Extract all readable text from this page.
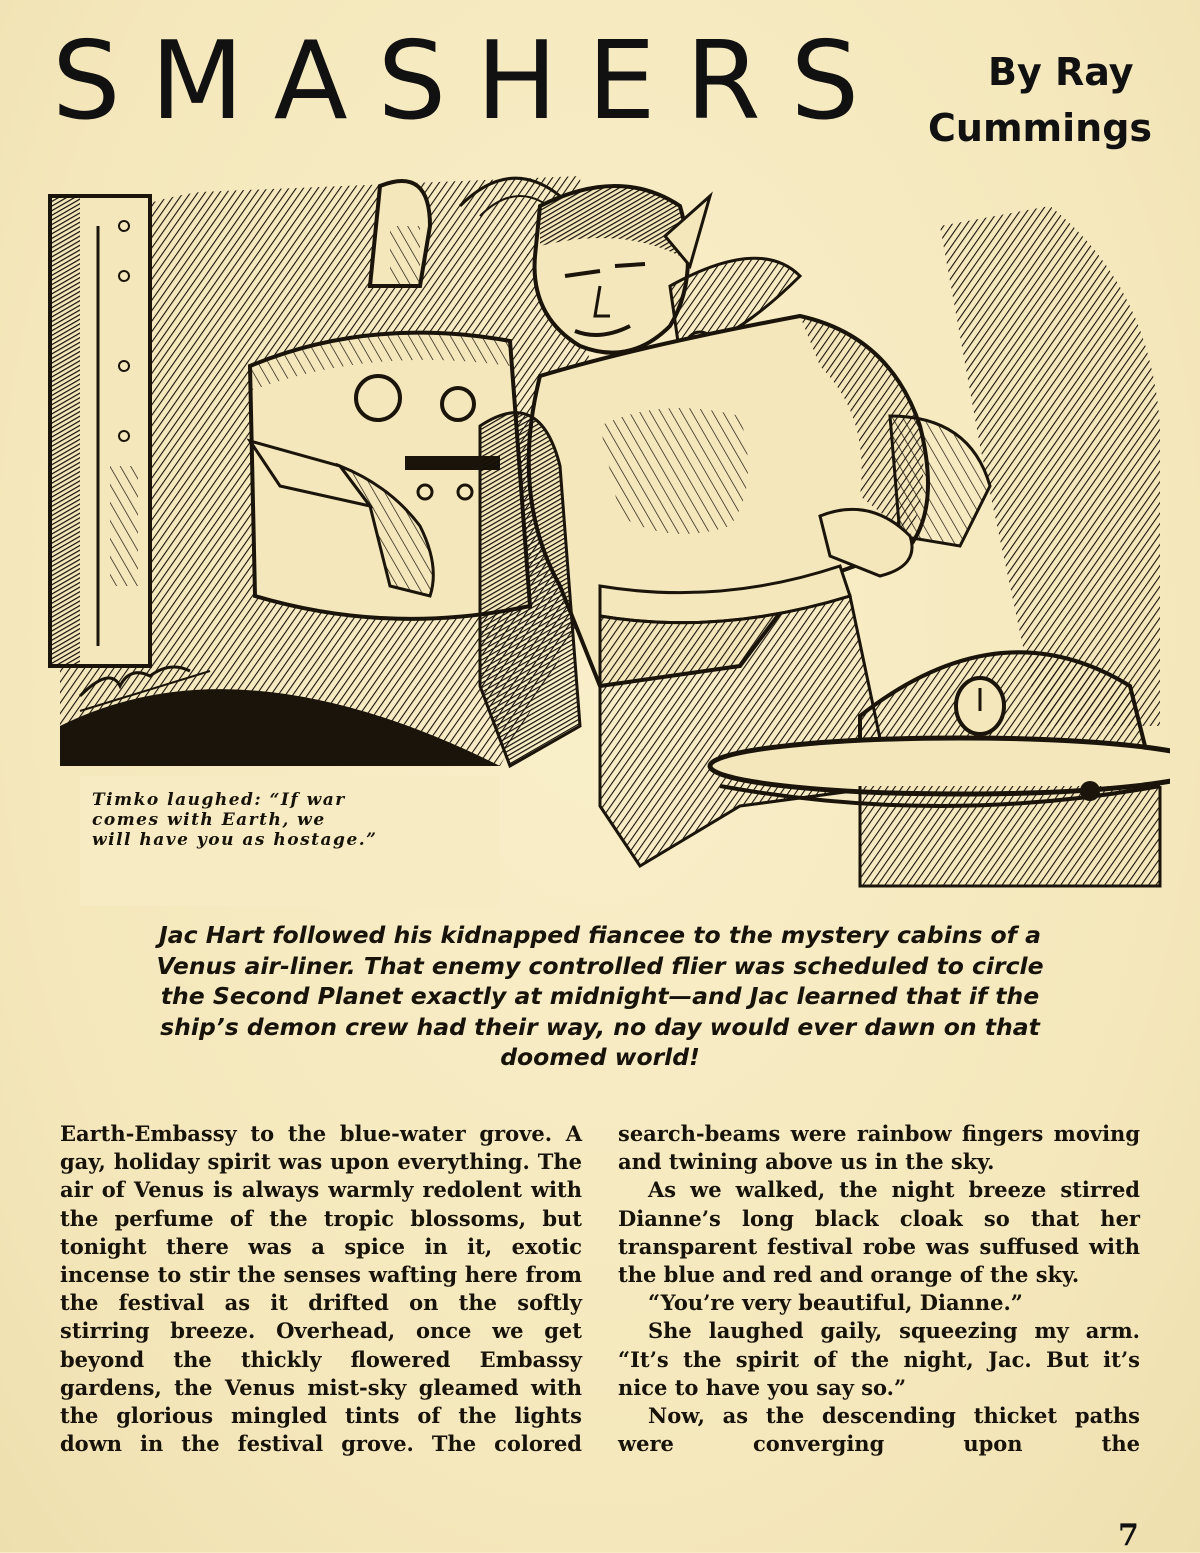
SMASHERS	By Ray
Cummings
Timko laughed: “If war
comes with Earth, we
will have you as hostage.”
Jac Hart followed his kidnapped fiancee to the mystery cabins of a Venus air-liner. That enemy controlled flier was scheduled to circle the Second Planet exactly at midnight—and Jac learned that if the ship’s demon crew had their way, no day would ever dawn on that doomed world!

Earth-Embassy to the blue-water grove. A gay, holiday spirit was upon everything. The air of Venus is always warmly redolent with the perfume of the tropic blossoms, but tonight there was a spice in it, exotic incense to stir the senses wafting here from the festival as it drifted on the softly stirring breeze. Overhead, once we get beyond the thickly flowered Embassy gardens, the Venus mist-sky gleamed with the glorious mingled tints of the lights down in the festival grove. The colored

search-beams were rainbow fingers moving and twining above us in the sky.

As we walked, the night breeze stirred Dianne’s long black cloak so that her transparent festival robe was suffused with the blue and red and orange of the sky.

“You’re very beautiful, Dianne.”

She laughed gaily, squeezing my arm. “It’s the spirit of the night, Jac. But it’s nice to have you say so.”

Now, as the descending thicket paths were converging upon the

7
